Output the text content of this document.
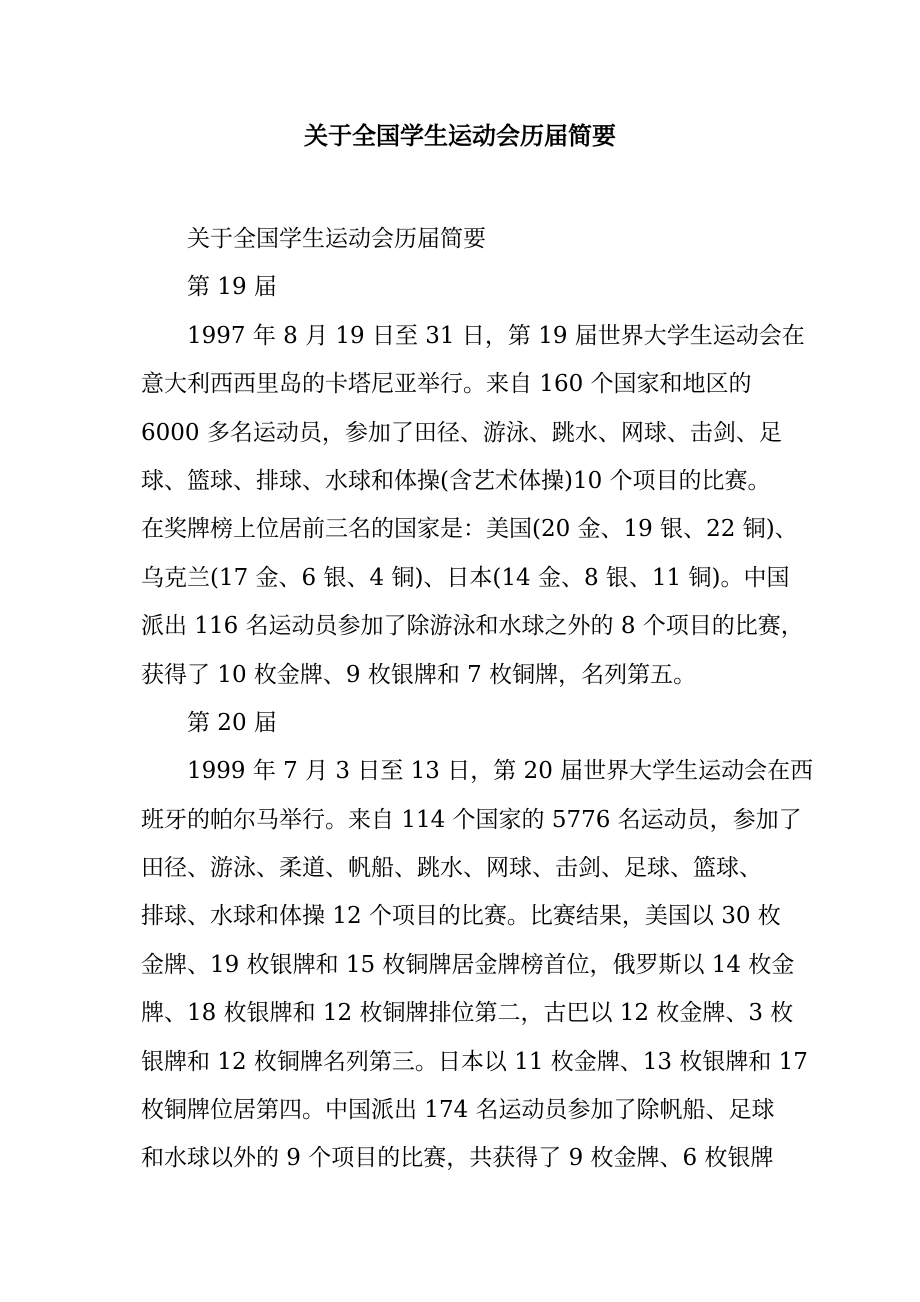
关于全国学生运动会历届简要
关于全国学生运动会历届简要
第 19 届
1997 年 8 月 19 日至 31 日，第 19 届世界大学生运动会在
意大利西西里岛的卡塔尼亚举行。来自 160 个国家和地区的
6000 多名运动员，参加了田径、游泳、跳水、网球、击剑、足
球、篮球、排球、水球和体操(含艺术体操)10 个项目的比赛。
在奖牌榜上位居前三名的国家是：美国(20 金、19 银、22 铜)、
乌克兰(17 金、6 银、4 铜)、日本(14 金、8 银、11 铜)。中国
派出 116 名运动员参加了除游泳和水球之外的 8 个项目的比赛，
获得了 10 枚金牌、9 枚银牌和 7 枚铜牌，名列第五。
第 20 届
1999 年 7 月 3 日至 13 日，第 20 届世界大学生运动会在西
班牙的帕尔马举行。来自 114 个国家的 5776 名运动员，参加了
田径、游泳、柔道、帆船、跳水、网球、击剑、足球、篮球、
排球、水球和体操 12 个项目的比赛。比赛结果，美国以 30 枚
金牌、19 枚银牌和 15 枚铜牌居金牌榜首位，俄罗斯以 14 枚金
牌、18 枚银牌和 12 枚铜牌排位第二，古巴以 12 枚金牌、3 枚
银牌和 12 枚铜牌名列第三。日本以 11 枚金牌、13 枚银牌和 17
枚铜牌位居第四。中国派出 174 名运动员参加了除帆船、足球
和水球以外的 9 个项目的比赛，共获得了 9 枚金牌、6 枚银牌
